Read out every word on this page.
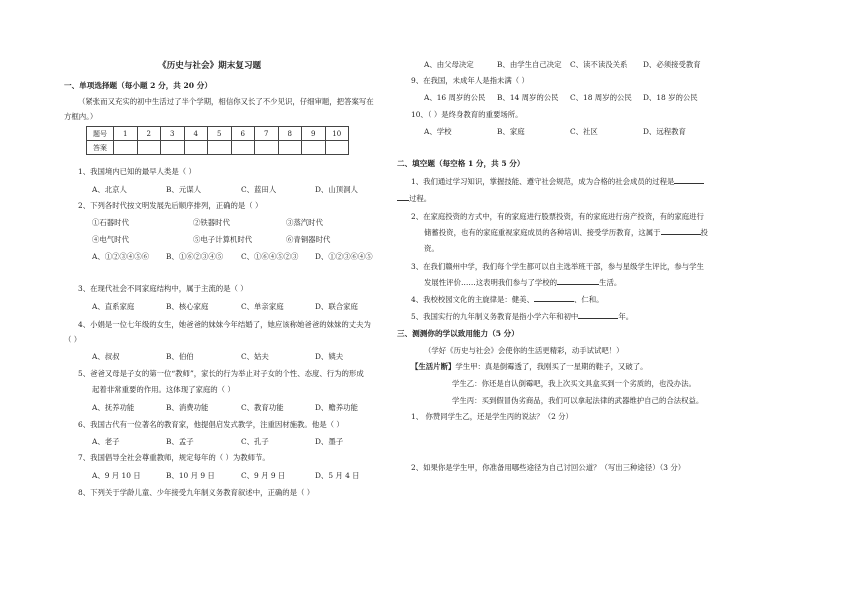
《历史与社会》期末复习题
一、单项选择题（每小题 2 分，共 20 分）
（紧张而又充实的初中生活过了半个学期，相信你又长了不少见识，仔细审题，把答案写在
方框内。）
题号	1	2	3	4	5	6	7	8	9	10
答案										
1、我国境内已知的最早人类是（ ）
A、北京人	B、元谋人	C、蓝田人	D、山顶洞人
2、下列各时代按文明发展先后顺序排列，正确的是（ ）
①石器时代	②铁器时代	③蒸汽时代
④电气时代	⑤电子计算机时代	⑥青铜器时代
A、①②③④⑤⑥ B、①⑥②③④⑤ C、①⑥④⑤②③ D、①②③⑥④⑤
3、在现代社会不同家庭结构中，属于主流的是（ ）
A、直系家庭	B、核心家庭	C、单亲家庭	D、联合家庭
4、小娟是一位七年级的女生，她爸爸的妹妹今年结婚了，她应该称她爸爸的妹妹的丈夫为
（ ）
A、叔叔	B、伯伯	C、姑夫	D、姨夫
5、爸爸又母是子女的第一位“教师”，家长的行为举止对子女的个性、态度、行为的形成
起着非常重要的作用。这体现了家庭的（ ）
A、抚养功能	B、消费功能	C、教育功能	D、赡养功能
6、我国古代有一位著名的教育家，他提倡启发式教学，注重因材施教。他是（ ）
A、老子	B、孟子	C、孔子	D、墨子
7、我国倡导全社会尊重教师，规定每年的（ ）为教师节。
A、9 月 10 日	B、10 月 9 日	C、9 月 9 日	D、5 月 4 日
8、下列关于学龄儿童、少年接受九年制义务教育叙述中，正确的是（ ）
A、由父母决定	B、由学生自己决定 C、读不读没关系 D、必须接受教育
9、在我国，未成年人是指未满（ ）
A、16 周岁的公民 B、14 周岁的公民 C、18 周岁的公民 D、18 岁的公民
10、（ ）是终身教育的重要场所。
A、学校	B、家庭	C、社区	D、远程教育
二、填空题（每空格 1 分，共 5 分）
1、我们通过学习知识，掌握技能、遵守社会规范，成为合格的社会成员的过程是
过程。
2、在家庭投资的方式中，有的家庭进行股票投资，有的家庭进行房产投资，有的家庭进行
储蓄投资，也有的家庭重视家庭成员的各种培训、接受学历教育，这属于	投
资。
3、在我们赣州中学，我们每个学生都可以自主选举班干部，参与星级学生评比，参与学生
发展性评价……这表明我们参与了学校的	生活。
4、我校校园文化的主旋律是：健美、	、仁和。
5、我国实行的九年制义务教育是指小学六年和初中	年。
三、测测你的学以致用能力（5 分）
（学好《历史与社会》会使你的生活更精彩，动手试试吧！）
【生活片断】学生甲：真是倒霉透了，我刚买了一星期的鞋子，又破了。
学生乙：你还是自认倒霉吧，我上次买文具盒买到一个劣质的，也没办法。
学生丙：买到假冒伪劣商品，我们可以拿起法律的武器维护自己的合法权益。
1、 你赞同学生乙，还是学生丙的说法？（2 分）
2、如果你是学生甲，你准备用哪些途径为自己讨回公道？（写出三种途径）（3 分）
